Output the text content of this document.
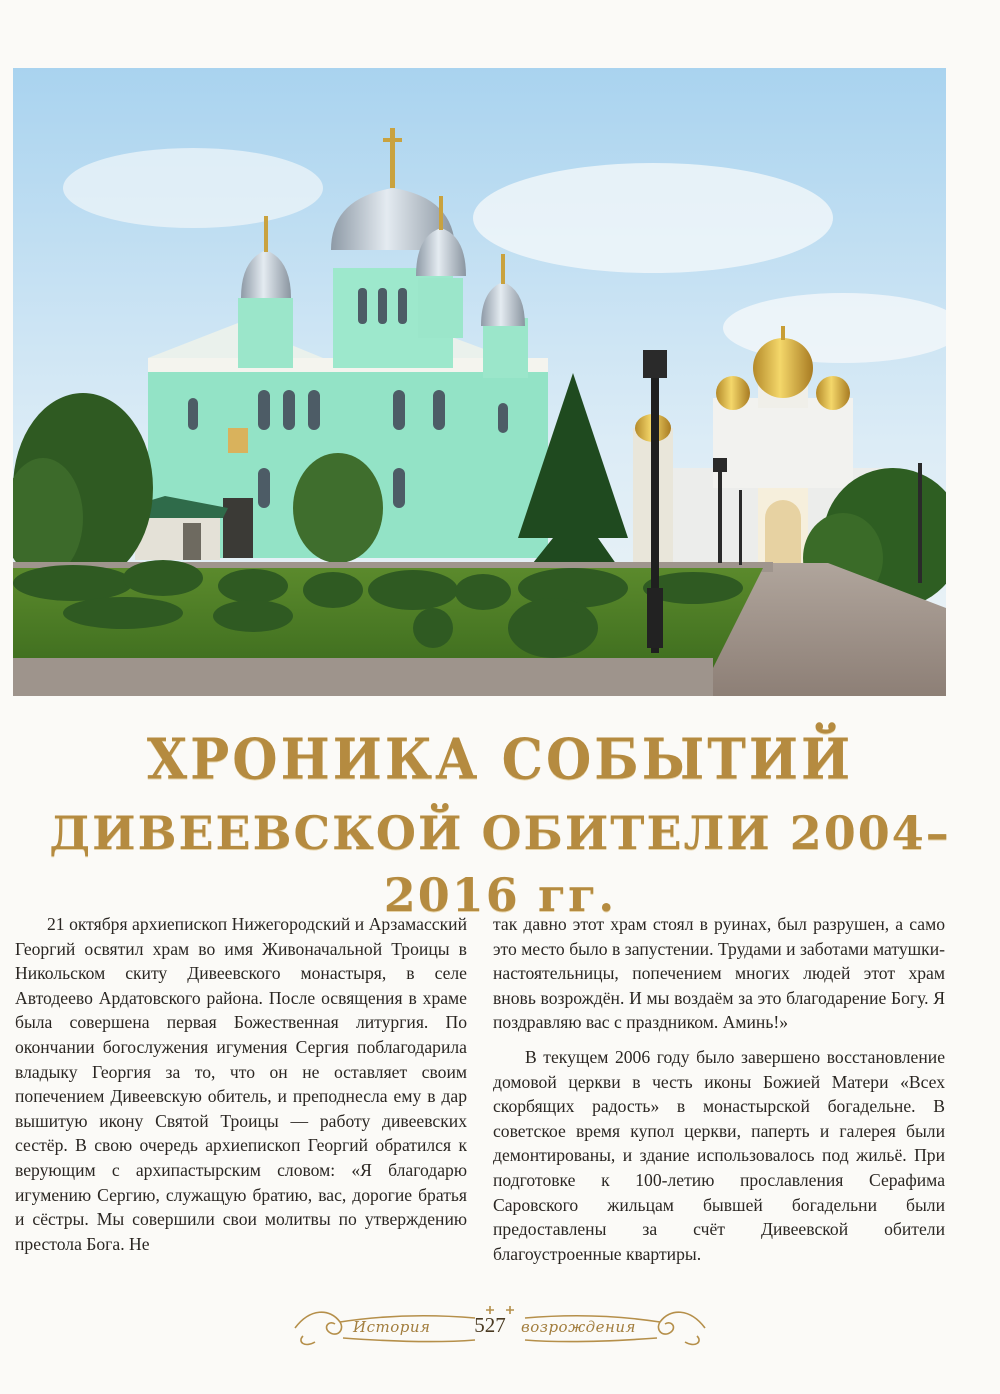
ХРОНИКА СОБЫТИЙ
ДИВЕЕВСКОЙ ОБИТЕЛИ 2004–2016 гг.

21 октября архиепископ Нижегородский и Арзамасский Георгий освятил храм во имя Живоначальной Троицы в Никольском скиту Дивеевского монастыря, в селе Автодеево Ардатовского района. После освящения в храме была совершена первая Божественная литургия. По окончании богослужения игумения Сергия поблагодарила владыку Георгия за то, что он не оставляет своим попечением Дивеевскую обитель, и преподнесла ему в дар вышитую икону Святой Троицы — работу дивеевских сестёр. В свою очередь архиепископ Георгий обратился к верующим с архипастырским словом: «Я благодарю игумению Сергию, служащую братию, вас, дорогие братья и сёстры. Мы совершили свои молитвы по утверждению престола Бога. Не

так давно этот храм стоял в руинах, был разрушен, а само это место было в запустении. Трудами и заботами матушки-настоятельницы, попечением многих людей этот храм вновь возрождён. И мы воздаём за это благодарение Богу. Я поздравляю вас с праздником. Аминь!»

В текущем 2006 году было завершено восстановление домовой церкви в честь иконы Божией Матери «Всех скорбящих радость» в монастырской богадельне. В советское время купол церкви, паперть и галерея были демонтированы, и здание использовалось под жильё. При подготовке к 100-летию прославления Серафима Саровского жильцам бывшей богадельни были предоставлены за счёт Дивеевской обители благоустроенные квартиры.

История	527	возрождения
